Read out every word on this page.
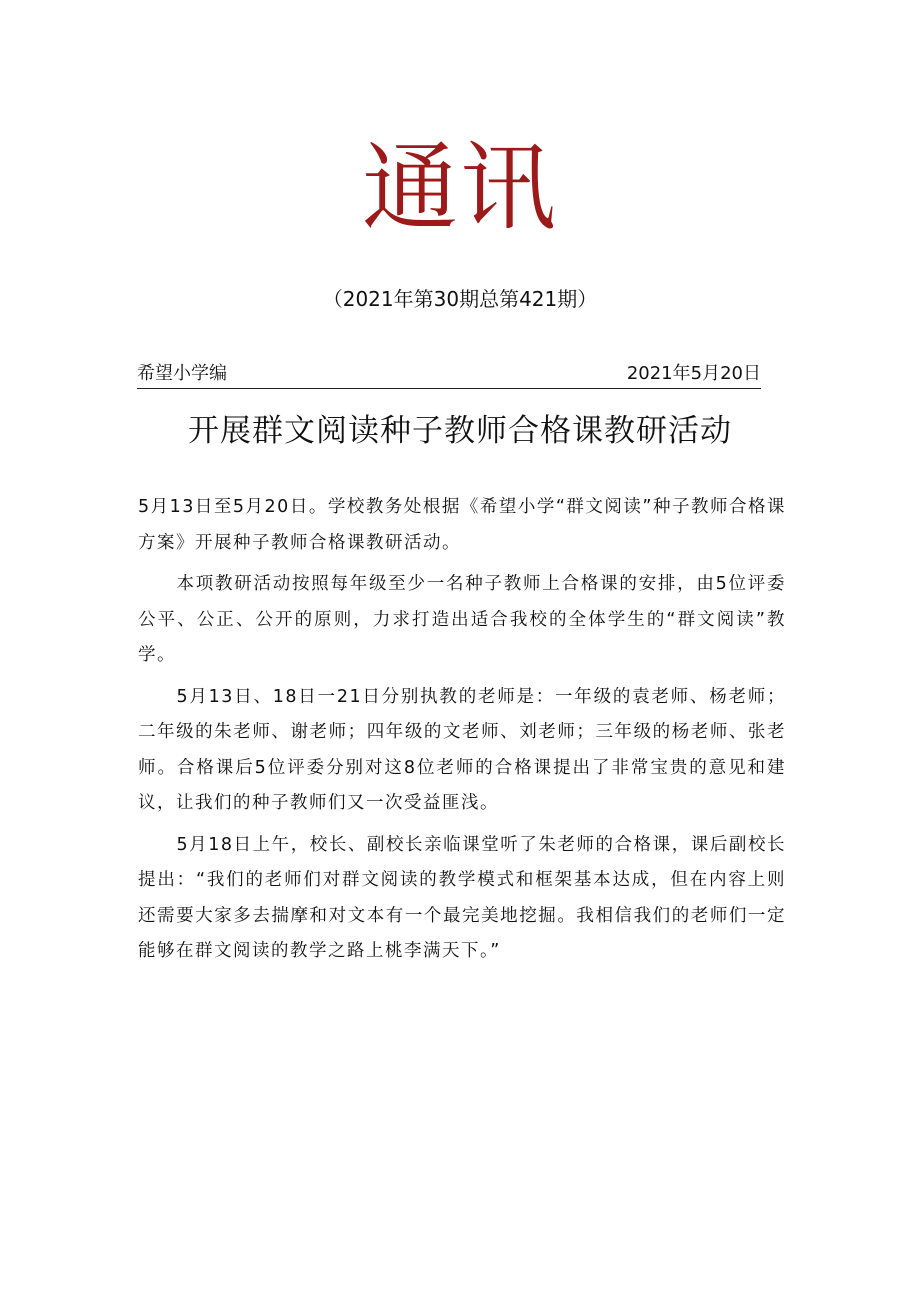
通讯
（2021年第30期总第421期）
希望小学编	2021年5月20日
开展群文阅读种子教师合格课教研活动

5月13日至5月20日。学校教务处根据《希望小学“群文阅读”种子教师合格课方案》开展种子教师合格课教研活动。

本项教研活动按照每年级至少一名种子教师上合格课的安排，由5位评委公平、公正、公开的原则，力求打造出适合我校的全体学生的“群文阅读”教学。

5月13日、18日一21日分别执教的老师是：一年级的袁老师、杨老师；二年级的朱老师、谢老师；四年级的文老师、刘老师；三年级的杨老师、张老师。合格课后5位评委分别对这8位老师的合格课提出了非常宝贵的意见和建议，让我们的种子教师们又一次受益匪浅。

5月18日上午，校长、副校长亲临课堂听了朱老师的合格课，课后副校长提出：“我们的老师们对群文阅读的教学模式和框架基本达成，但在内容上则还需要大家多去揣摩和对文本有一个最完美地挖掘。我相信我们的老师们一定能够在群文阅读的教学之路上桃李满天下。”
